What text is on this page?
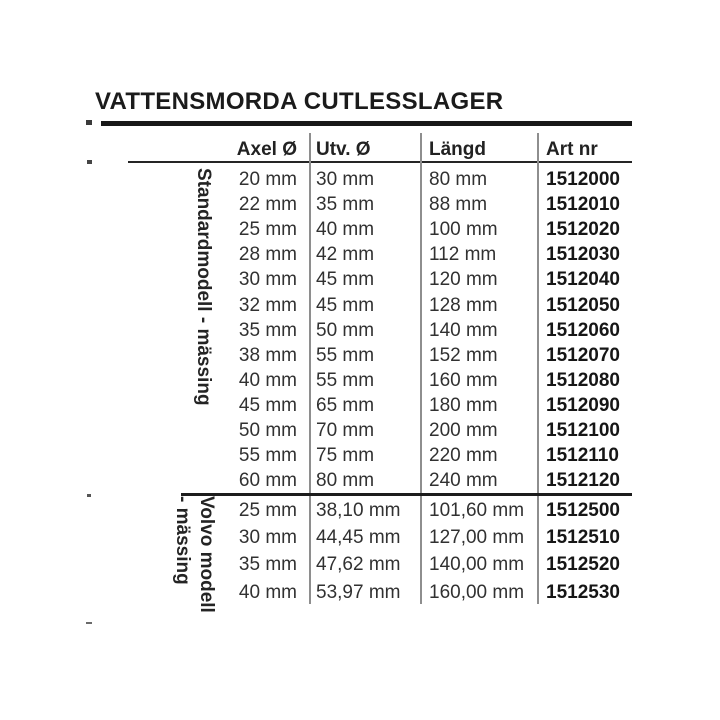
VATTENSMORDA CUTLESSLAGER
Axel Ø Utv. Ø	Längd	Art nr
Standardmodell - mässing
Volvo modell
- mässing
20 mm 30 mm	80 mm	1512000
22 mm 35 mm	88 mm	1512010
25 mm 40 mm	100 mm	1512020
28 mm 42 mm	112 mm	1512030
30 mm 45 mm	120 mm	1512040
32 mm 45 mm	128 mm	1512050
35 mm 50 mm	140 mm	1512060
38 mm 55 mm	152 mm	1512070
40 mm 55 mm	160 mm	1512080
45 mm 65 mm	180 mm	1512090
50 mm 70 mm	200 mm	1512100
55 mm 75 mm	220 mm	1512110
60 mm 80 mm	240 mm	1512120
25 mm 38,10 mm 101,60 mm 1512500
30 mm 44,45 mm 127,00 mm 1512510
35 mm 47,62 mm 140,00 mm 1512520
40 mm 53,97 mm 160,00 mm 1512530
